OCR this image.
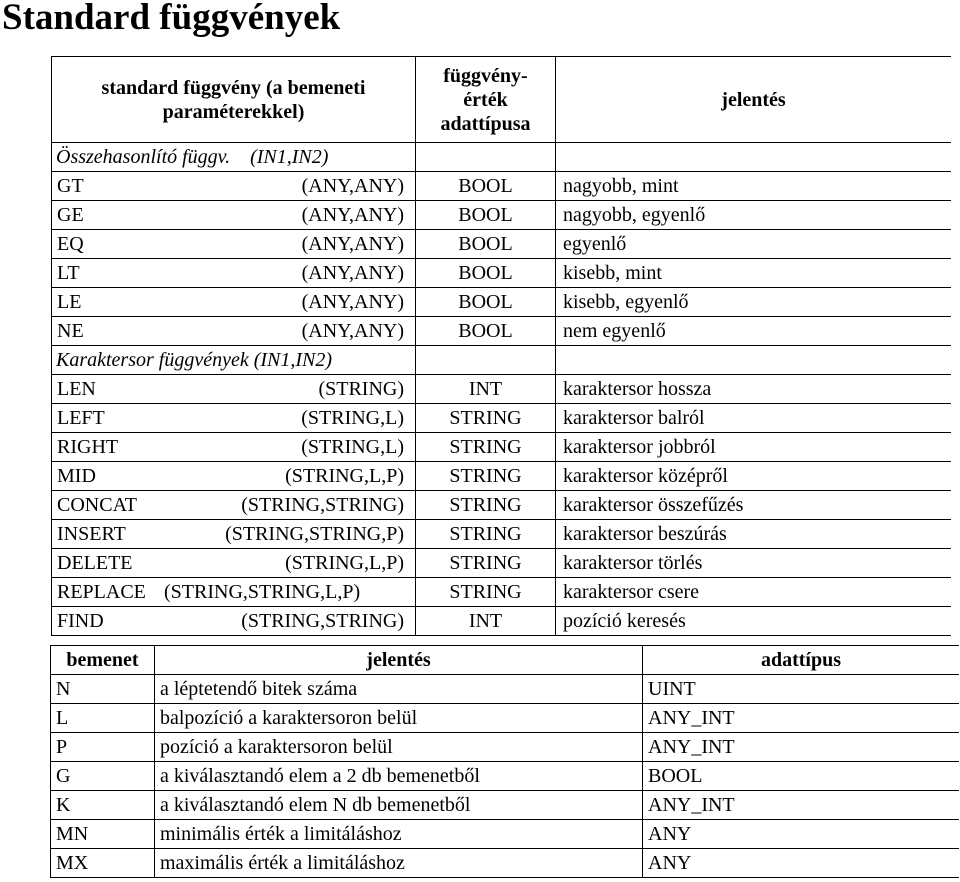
Standard függvények
standard függvény (a bemeneti
paraméterekkel)	függvény-
érték
adattípusa	jelentés
Összehasonlító függv.    (IN1,IN2)		

GT (ANY,ANY)	BOOL	nagyobb, mint

GE (ANY,ANY)	BOOL	nagyobb, egyenlő

EQ (ANY,ANY)	BOOL	egyenlő

LT (ANY,ANY)	BOOL	kisebb, mint

LE (ANY,ANY)	BOOL	kisebb, egyenlő

NE (ANY,ANY)	BOOL	nem egyenlő
Karaktersor függvények (IN1,IN2)		

LEN (STRING)	INT	karaktersor hossza

LEFT (STRING,L)	STRING	karaktersor balról

RIGHT (STRING,L)	STRING	karaktersor jobbról

MID (STRING,L,P)	STRING	karaktersor középről

CONCAT (STRING,STRING)	STRING	karaktersor összefűzés

INSERT (STRING,STRING,P)	STRING	karaktersor beszúrás

DELETE (STRING,L,P)	STRING	karaktersor törlés

REPLACE (STRING,STRING,L,P)	STRING	karaktersor csere

FIND (STRING,STRING)	INT	pozíció keresés
bemenet	jelentés	adattípus
N	a léptetendő bitek száma	UINT
L	balpozíció a karaktersoron belül	ANY_INT
P	pozíció a karaktersoron belül	ANY_INT
G	a kiválasztandó elem a 2 db bemenetből	BOOL
K	a kiválasztandó elem N db bemenetből	ANY_INT
MN	minimális érték a limitáláshoz	ANY
MX	maximális érték a limitáláshoz	ANY
